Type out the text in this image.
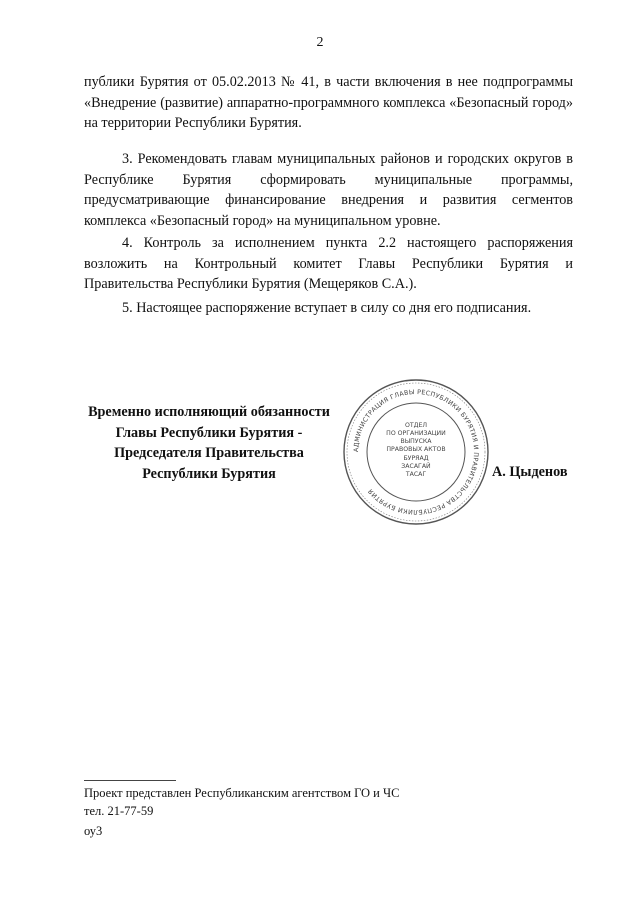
2

публики Бурятия от 05.02.2013 № 41, в части включения в нее подпрограммы «Внедрение (развитие) аппаратно-программного комплекса «Безопасный город» на территории Республики Бурятия.

3. Рекомендовать главам муниципальных районов и городских округов в Республике Бурятия сформировать муниципальные программы, предусматривающие финансирование внедрения и развития сегментов комплекса «Безопасный город» на муниципальном уровне.

4. Контроль за исполнением пункта 2.2 настоящего распоряжения возложить на Контрольный комитет Главы Республики Бурятия и Правительства Республики Бурятия (Мещеряков С.А.).

5. Настоящее распоряжение вступает в силу со дня его подписания.

Временно исполняющий обязанности
Главы Республики Бурятия -
Председателя Правительства
Республики Бурятия
АДМИНИСТРАЦИЯ ГЛАВЫ РЕСПУБЛИКИ БУРЯТИЯ И ПРАВИТЕЛЬСТВА РЕСПУБЛИКИ БУРЯТИЯ
ОТДЕЛ
ПО ОРГАНИЗАЦИИ
ВЫПУСКА
ПРАВОВЫХ АКТОВ
БУРЯАД
ЗАСАГАЙ
ТАСАГ	А. Цыденов

Проект представлен Республиканским агентством ГО и ЧС

тел. 21-77-59

оу3
